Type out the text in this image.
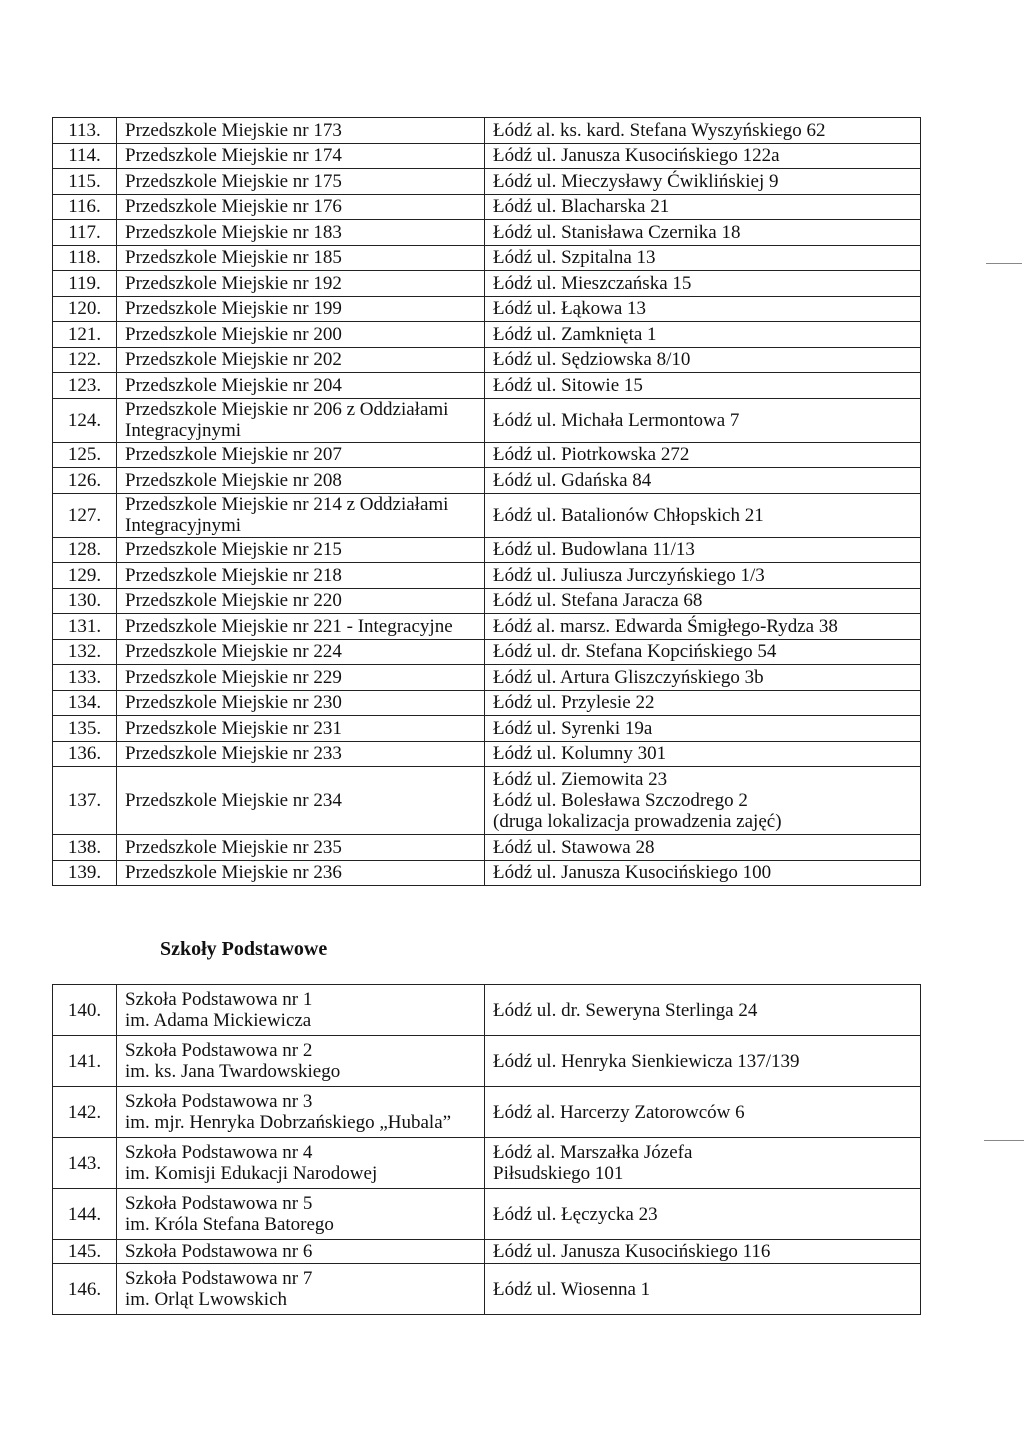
113.	Przedszkole Miejskie nr 173	Łódź al. ks. kard. Stefana Wyszyńskiego 62

114.	Przedszkole Miejskie nr 174	Łódź ul. Janusza Kusocińskiego 122a

115.	Przedszkole Miejskie nr 175	Łódź ul. Mieczysławy Ćwiklińskiej 9

116.	Przedszkole Miejskie nr 176	Łódź ul. Blacharska 21

117.	Przedszkole Miejskie nr 183	Łódź ul. Stanisława Czernika 18

118.	Przedszkole Miejskie nr 185	Łódź ul. Szpitalna 13

119.	Przedszkole Miejskie nr 192	Łódź ul. Mieszczańska 15

120.	Przedszkole Miejskie nr 199	Łódź ul. Łąkowa 13

121.	Przedszkole Miejskie nr 200	Łódź ul. Zamknięta 1

122.	Przedszkole Miejskie nr 202	Łódź ul. Sędziowska 8/10

123.	Przedszkole Miejskie nr 204	Łódź ul. Sitowie 15

124.	Przedszkole Miejskie nr 206 z Oddziałami
Integracyjnymi	Łódź ul. Michała Lermontowa 7

125.	Przedszkole Miejskie nr 207	Łódź ul. Piotrkowska 272

126.	Przedszkole Miejskie nr 208	Łódź ul. Gdańska 84

127.	Przedszkole Miejskie nr 214 z Oddziałami
Integracyjnymi	Łódź ul. Batalionów Chłopskich 21

128.	Przedszkole Miejskie nr 215	Łódź ul. Budowlana 11/13

129.	Przedszkole Miejskie nr 218	Łódź ul. Juliusza Jurczyńskiego 1/3

130.	Przedszkole Miejskie nr 220	Łódź ul. Stefana Jaracza 68

131.	Przedszkole Miejskie nr 221 - Integracyjne	Łódź al. marsz. Edwarda Śmigłego-Rydza 38

132.	Przedszkole Miejskie nr 224	Łódź ul. dr. Stefana Kopcińskiego 54

133.	Przedszkole Miejskie nr 229	Łódź ul. Artura Gliszczyńskiego 3b

134.	Przedszkole Miejskie nr 230	Łódź ul. Przylesie 22

135.	Przedszkole Miejskie nr 231	Łódź ul. Syrenki 19a

136.	Przedszkole Miejskie nr 233	Łódź ul. Kolumny 301

137.	Przedszkole Miejskie nr 234	Łódź ul. Ziemowita 23
Łódź ul. Bolesława Szczodrego 2
(druga lokalizacja prowadzenia zajęć)

138.	Przedszkole Miejskie nr 235	Łódź ul. Stawowa 28

139.	Przedszkole Miejskie nr 236	Łódź ul. Janusza Kusocińskiego 100
Szkoły Podstawowe
140.	Szkoła Podstawowa nr 1
im. Adama Mickiewicza	Łódź ul. dr. Seweryna Sterlinga 24

141.	Szkoła Podstawowa nr 2
im. ks. Jana Twardowskiego	Łódź ul. Henryka Sienkiewicza 137/139

142.	Szkoła Podstawowa nr 3
im. mjr. Henryka Dobrzańskiego „Hubala”	Łódź al. Harcerzy Zatorowców 6

143.	Szkoła Podstawowa nr 4
im. Komisji Edukacji Narodowej	Łódź al. Marszałka Józefa
Piłsudskiego 101

144.	Szkoła Podstawowa nr 5
im. Króla Stefana Batorego	Łódź ul. Łęczycka 23

145.	Szkoła Podstawowa nr 6	Łódź ul. Janusza Kusocińskiego 116

146.	Szkoła Podstawowa nr 7
im. Orląt Lwowskich	Łódź ul. Wiosenna 1
